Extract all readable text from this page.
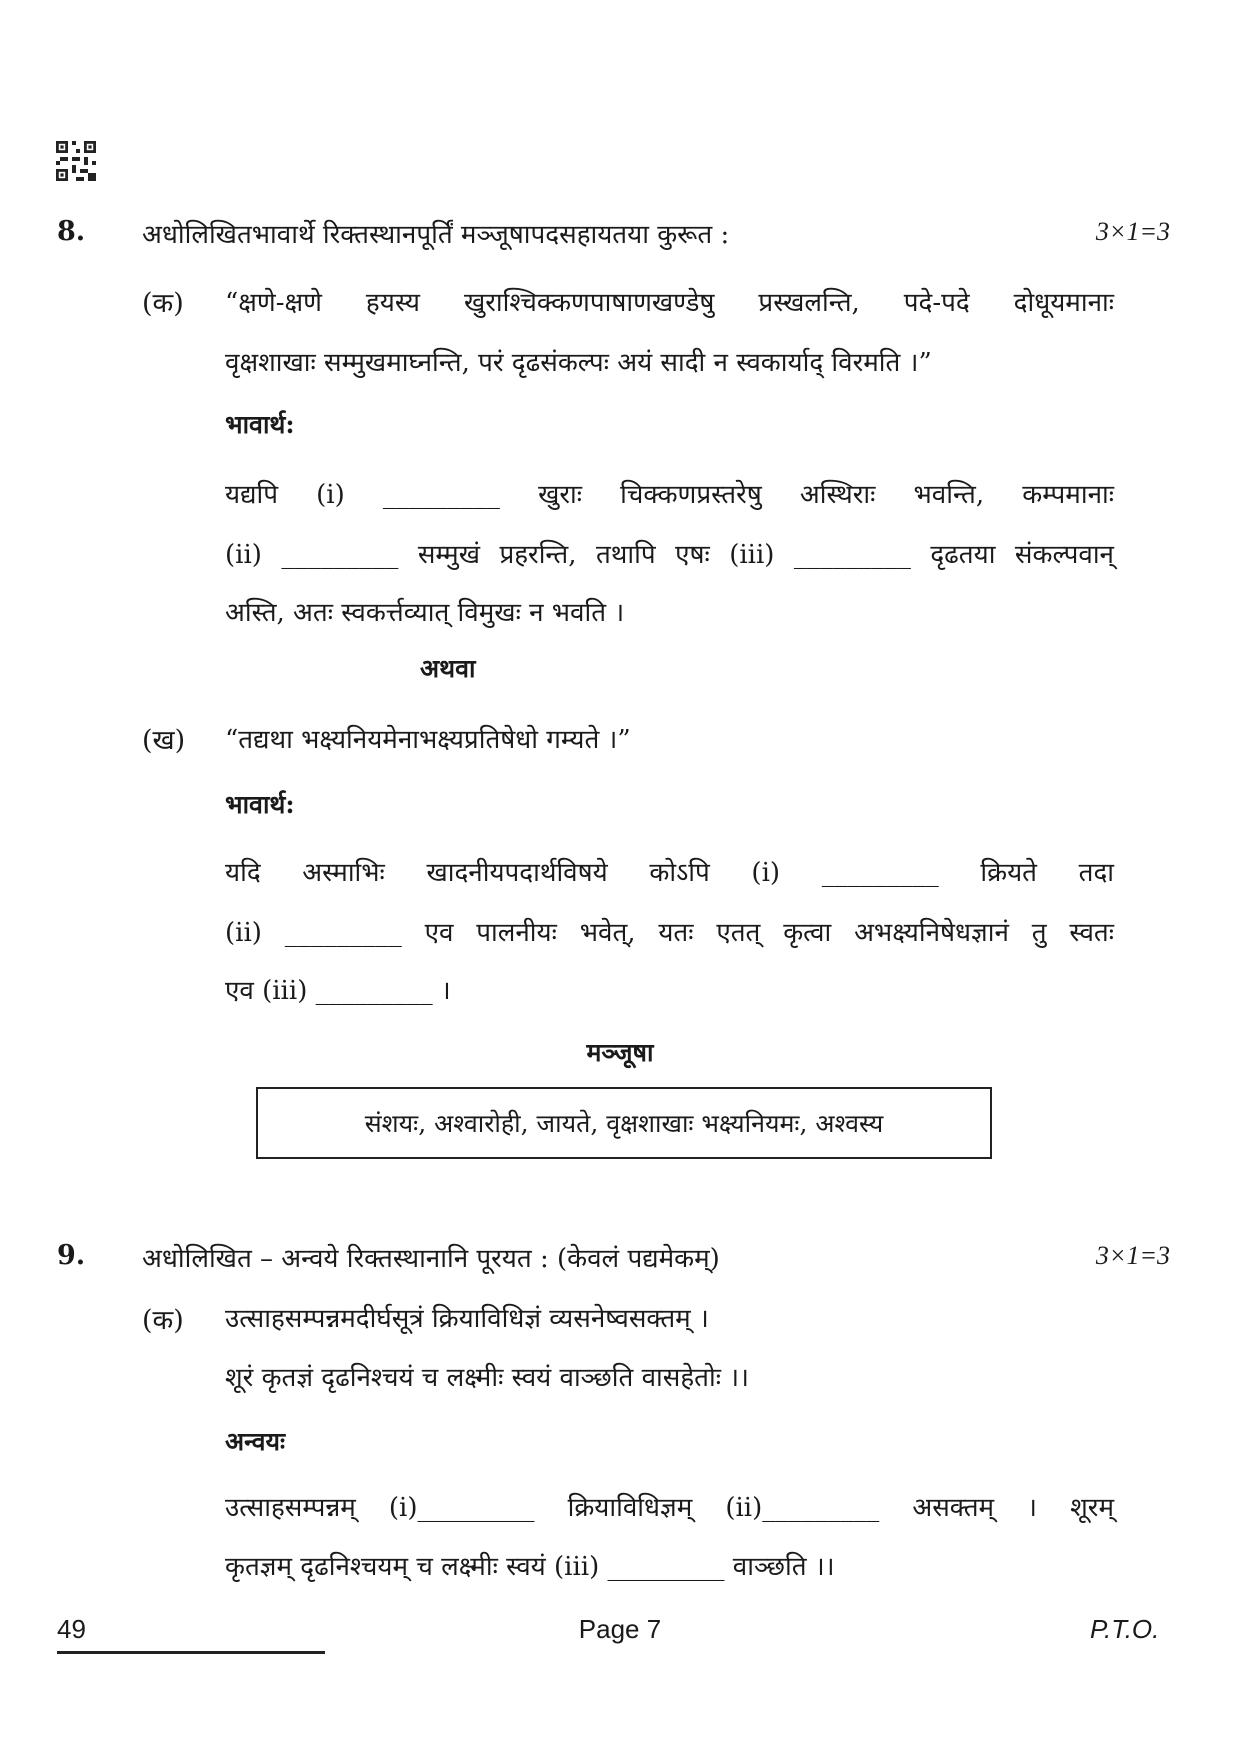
8. अधोलिखितभावार्थे रिक्तस्थानपूर्तिं मञ्जूषापदसहायतया कुरूत :	3×1=3
(क) “क्षणे-क्षणे हयस्य खुराश्चिक्कणपाषाणखण्डेषु प्रस्खलन्ति, पदे-पदे दोधूयमानाः
वृक्षशाखाः सम्मुखमाघ्नन्ति, परं दृढसंकल्पः अयं सादी न स्वकार्याद् विरमति ।”
भावार्थ:
यद्यपि (i) _________ खुराः चिक्कणप्रस्तरेषु अस्थिराः भवन्ति, कम्पमानाः
(ii) _________ सम्मुखं प्रहरन्ति, तथापि एषः (iii) _________ दृढतया संकल्पवान्
अस्ति, अतः स्वकर्त्तव्यात् विमुखः न भवति ।
अथवा
(ख) “तद्यथा भक्ष्यनियमेनाभक्ष्यप्रतिषेधो गम्यते ।”
भावार्थ:
यदि अस्माभिः खादनीयपदार्थविषये कोऽपि (i) _________ क्रियते तदा
(ii) _________ एव पालनीयः भवेत्, यतः एतत् कृत्वा अभक्ष्यनिषेधज्ञानं तु स्वतः
एव (iii) _________ ।
मञ्जूषा
संशयः, अश्वारोही, जायते, वृक्षशाखाः भक्ष्यनियमः, अश्वस्य
9. अधोलिखित – अन्वये रिक्तस्थानानि पूरयत : (केवलं पद्यमेकम्)	3×1=3
(क) उत्साहसम्पन्नमदीर्घसूत्रं क्रियाविधिज्ञं व्यसनेष्वसक्तम् ।
शूरं कृतज्ञं दृढनिश्चयं च लक्ष्मीः स्वयं वाञ्छति वासहेतोः ।।
अन्वयः
उत्साहसम्पन्नम् (i)_________ क्रियाविधिज्ञम् (ii)_________ असक्तम् । शूरम्
कृतज्ञम् दृढनिश्चयम् च लक्ष्मीः स्वयं (iii) _________ वाञ्छति ।।
49	Page 7	P.T.O.
